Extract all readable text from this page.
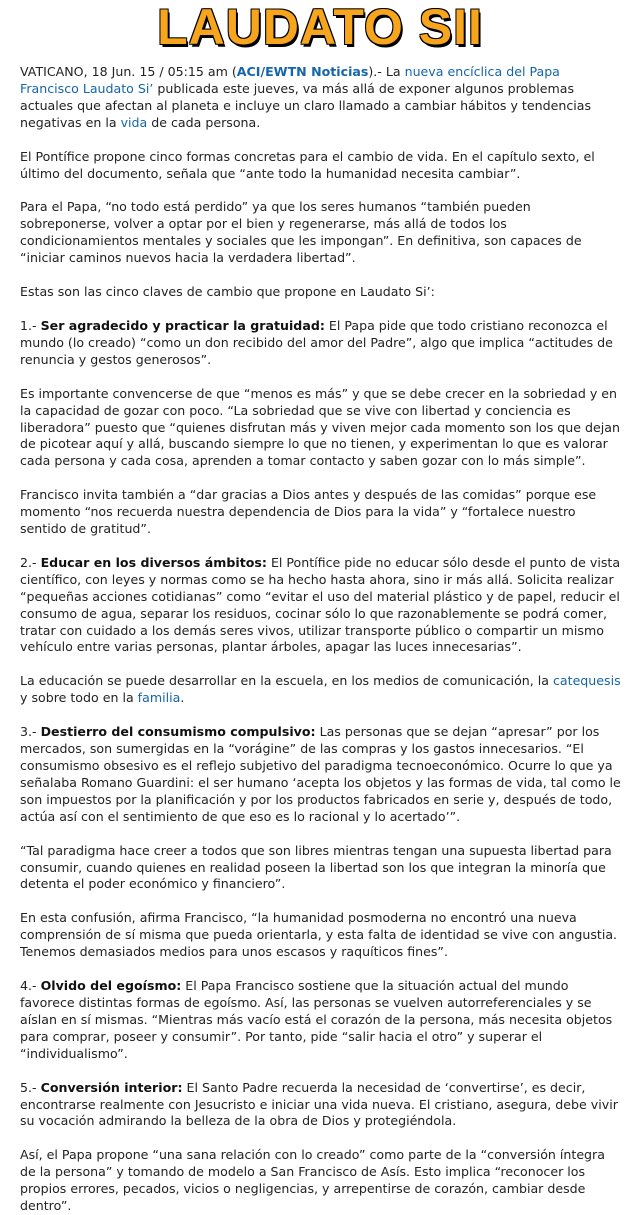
LAUDATO SII

VATICANO, 18 Jun. 15 / 05:15 am (ACI/EWTN Noticias).- La nueva encíclica del Papa Francisco Laudato Si’ publicada este jueves, va más allá de exponer algunos problemas actuales que afectan al planeta e incluye un claro llamado a cambiar hábitos y tendencias negativas en la vida de cada persona.

El Pontífice propone cinco formas concretas para el cambio de vida. En el capítulo sexto, el último del documento, señala que “ante todo la humanidad necesita cambiar”.

Para el Papa, “no todo está perdido” ya que los seres humanos “también pueden sobreponerse, volver a optar por el bien y regenerarse, más allá de todos los condicionamientos mentales y sociales que les impongan”. En definitiva, son capaces de “iniciar caminos nuevos hacia la verdadera libertad”.

Estas son las cinco claves de cambio que propone en Laudato Si’:

1.- Ser agradecido y practicar la gratuidad: El Papa pide que todo cristiano reconozca el mundo (lo creado) “como un don recibido del amor del Padre”, algo que implica “actitudes de renuncia y gestos generosos”.

Es importante convencerse de que “menos es más” y que se debe crecer en la sobriedad y en la capacidad de gozar con poco. “La sobriedad que se vive con libertad y conciencia es liberadora” puesto que “quienes disfrutan más y viven mejor cada momento son los que dejan de picotear aquí y allá, buscando siempre lo que no tienen, y experimentan lo que es valorar cada persona y cada cosa, aprenden a tomar contacto y saben gozar con lo más simple”.

Francisco invita también a “dar gracias a Dios antes y después de las comidas” porque ese momento “nos recuerda nuestra dependencia de Dios para la vida” y “fortalece nuestro sentido de gratitud”.

2.- Educar en los diversos ámbitos: El Pontífice pide no educar sólo desde el punto de vista científico, con leyes y normas como se ha hecho hasta ahora, sino ir más allá. Solicita realizar “pequeñas acciones cotidianas” como “evitar el uso del material plástico y de papel, reducir el consumo de agua, separar los residuos, cocinar sólo lo que razonablemente se podrá comer, tratar con cuidado a los demás seres vivos, utilizar transporte público o compartir un mismo vehículo entre varias personas, plantar árboles, apagar las luces innecesarias”.

La educación se puede desarrollar en la escuela, en los medios de comunicación, la catequesis y sobre todo en la familia.

3.- Destierro del consumismo compulsivo: Las personas que se dejan “apresar” por los mercados, son sumergidas en la “vorágine” de las compras y los gastos innecesarios. “El consumismo obsesivo es el reflejo subjetivo del paradigma tecnoeconómico. Ocurre lo que ya señalaba Romano Guardini: el ser humano ‘acepta los objetos y las formas de vida, tal como le son impuestos por la planificación y por los productos fabricados en serie y, después de todo, actúa así con el sentimiento de que eso es lo racional y lo acertado’”.

“Tal paradigma hace creer a todos que son libres mientras tengan una supuesta libertad para consumir, cuando quienes en realidad poseen la libertad son los que integran la minoría que detenta el poder económico y financiero”.

En esta confusión, afirma Francisco, “la humanidad posmoderna no encontró una nueva comprensión de sí misma que pueda orientarla, y esta falta de identidad se vive con angustia. Tenemos demasiados medios para unos escasos y raquíticos fines”.

4.- Olvido del egoísmo: El Papa Francisco sostiene que la situación actual del mundo favorece distintas formas de egoísmo. Así, las personas se vuelven autorreferenciales y se aíslan en sí mismas. “Mientras más vacío está el corazón de la persona, más necesita objetos para comprar, poseer y consumir”. Por tanto, pide “salir hacia el otro” y superar el “individualismo”.

5.- Conversión interior: El Santo Padre recuerda la necesidad de ‘convertirse’, es decir, encontrarse realmente con Jesucristo e iniciar una vida nueva. El cristiano, asegura, debe vivir su vocación admirando la belleza de la obra de Dios y protegiéndola.

Así, el Papa propone “una sana relación con lo creado” como parte de la “conversión íntegra de la persona” y tomando de modelo a San Francisco de Asís. Esto implica “reconocer los propios errores, pecados, vicios o negligencias, y arrepentirse de corazón, cambiar desde dentro”.
